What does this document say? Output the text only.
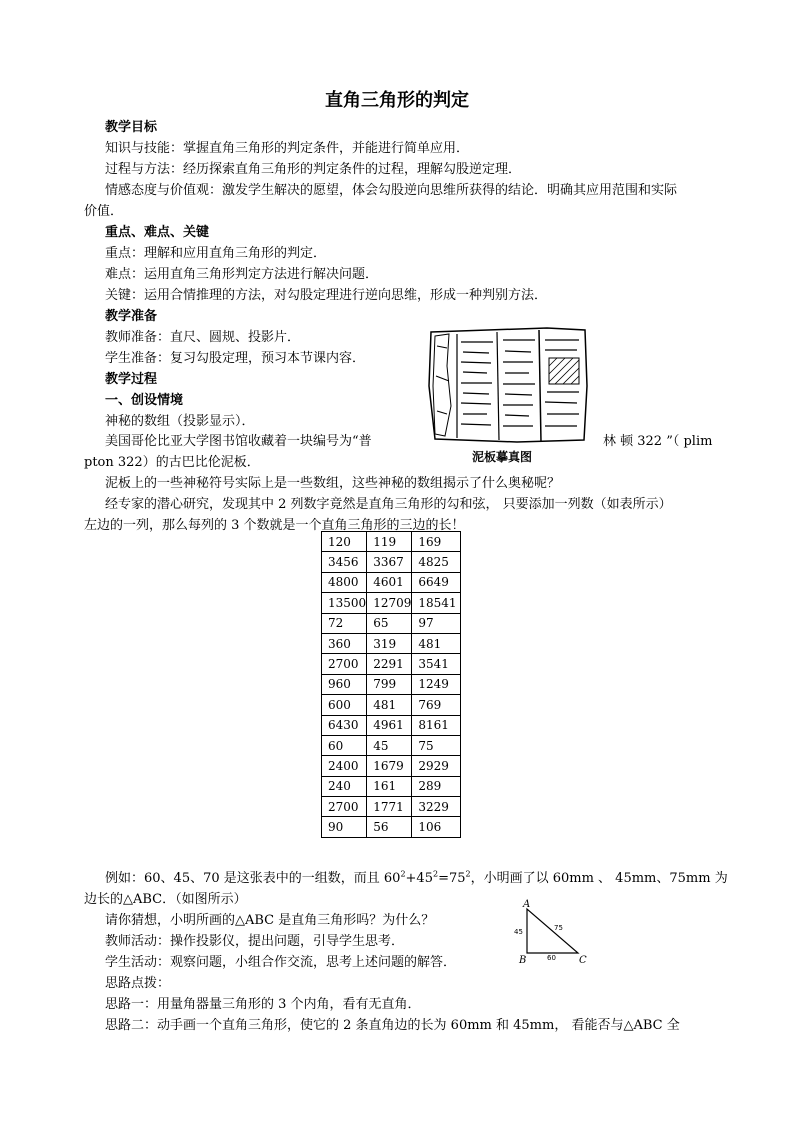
直角三角形的判定
教学目标
知识与技能：掌握直角三角形的判定条件，并能进行简单应用．
过程与方法：经历探索直角三角形的判定条件的过程，理解勾股逆定理．
情感态度与价值观：激发学生解决的愿望，体会勾股逆向思维所获得的结论．明确其应用范围和实际
价值．
重点、难点、关键
重点：理解和应用直角三角形的判定．
难点：运用直角三角形判定方法进行解决问题．
关键：运用合情推理的方法，对勾股定理进行逆向思维，形成一种判别方法．
教学准备
教师准备：直尺、圆规、投影片．
学生准备：复习勾股定理，预习本节课内容．
教学过程
一、创设情境
神秘的数组（投影显示）．
美国哥伦比亚大学图书馆收藏着一块编号为“普	林 顿 322 ”（ plim
pton 322）的古巴比伦泥板．
泥板上的一些神秘符号实际上是一些数组，这些神秘的数组揭示了什么奥秘呢？
经专家的潜心研究，发现其中 2 列数字竟然是直角三角形的勾和弦， 只要添加一列数（如表所示）
左边的一列，那么每列的 3 个数就是一个直角三角形的三边的长！
泥板摹真图
120	119	169
3456	3367	4825
4800	4601	6649
13500	12709	18541
72	65	97
360	319	481
2700	2291	3541
960	799	1249
600	481	769
6430	4961	8161
60	45	75
2400	1679	2929
240	161	289
2700	1771	3229
90	56	106
例如：60、45、70 是这张表中的一组数，而且 $60^2+45^2=75^2$，小明画了以 60mm 、 45mm、75mm 为
边长的△ABC．（如图所示）
请你猜想，小明所画的△ABC 是直角三角形吗？为什么？
教师活动：操作投影仪，提出问题，引导学生思考．
学生活动：观察问题，小组合作交流，思考上述问题的解答．
思路点拨：
思路一：用量角器量三角形的 3 个内角，看有无直角．
思路二：动手画一个直角三角形，使它的 2 条直角边的长为 60mm 和 45mm， 看能否与△ABC 全
A
B	C
45	75
60
